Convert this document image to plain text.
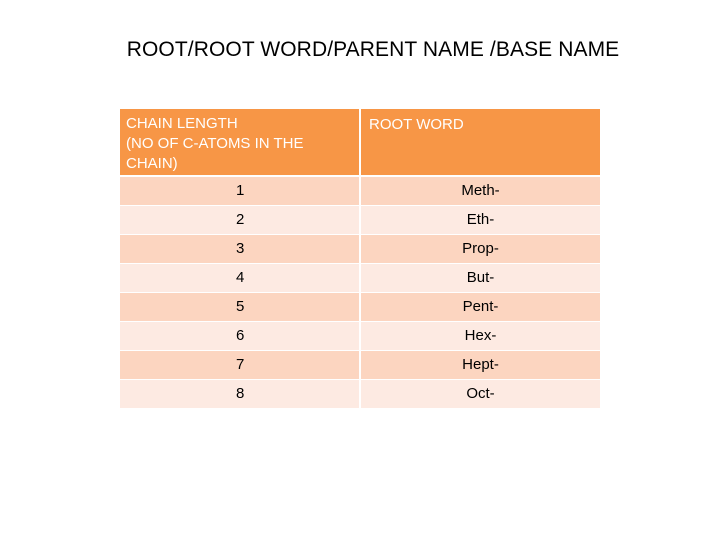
ROOT/ROOT WORD/PARENT NAME /BASE NAME
CHAIN LENGTH
(NO OF C-ATOMS IN THE
CHAIN)	ROOT WORD
1	Meth-
2	Eth-
3	Prop-
4	But-
5	Pent-
6	Hex-
7	Hept-
8	Oct-
